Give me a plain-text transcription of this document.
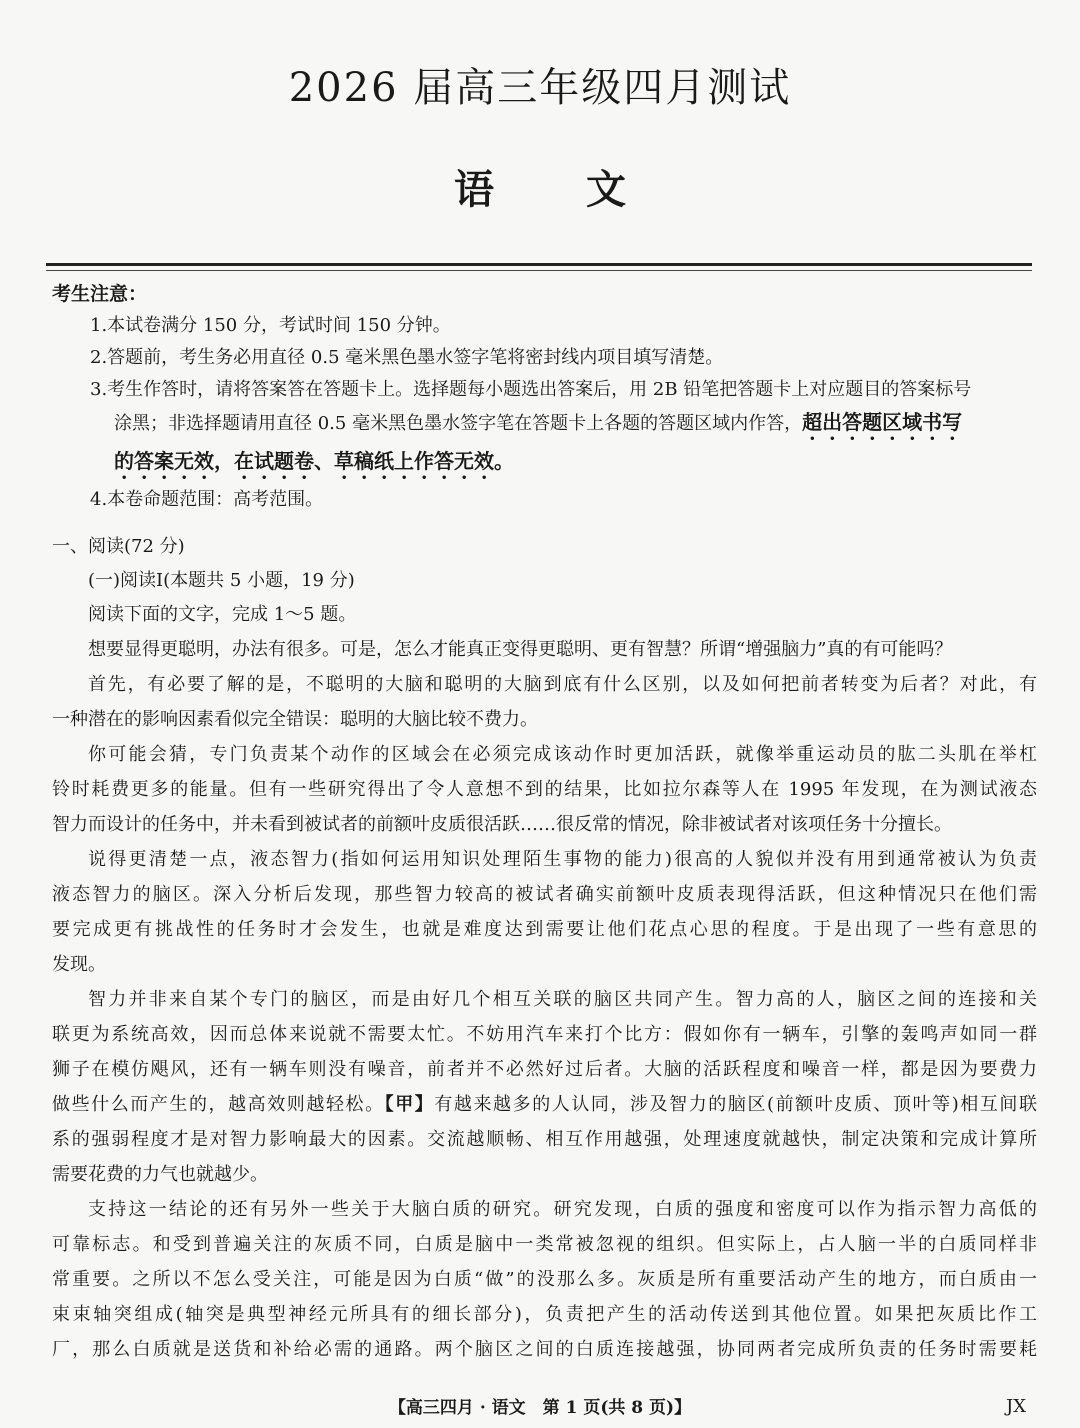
2026 届高三年级四月测试
语 文
考生注意：
1.本试卷满分 150 分，考试时间 150 分钟。
2.答题前，考生务必用直径 0.5 毫米黑色墨水签字笔将密封线内项目填写清楚。
3.考生作答时，请将答案答在答题卡上。选择题每小题选出答案后，用 2B 铅笔把答题卡上对应题目的答案标号
涂黑；非选择题请用直径 0.5 毫米黑色墨水签字笔在答题卡上各题的答题区域内作答，超出答题区域书写
的答案无效，在试题卷、草稿纸上作答无效。
4.本卷命题范围：高考范围。
一、阅读(72 分)
(一)阅读Ⅰ(本题共 5 小题，19 分)
阅读下面的文字，完成 1～5 题。
想要显得更聪明，办法有很多。可是，怎么才能真正变得更聪明、更有智慧？所谓“增强脑力”真的有可能吗？
首先，有必要了解的是，不聪明的大脑和聪明的大脑到底有什么区别，以及如何把前者转变为后者？对此，有
一种潜在的影响因素看似完全错误：聪明的大脑比较不费力。
你可能会猜，专门负责某个动作的区域会在必须完成该动作时更加活跃，就像举重运动员的肱二头肌在举杠
铃时耗费更多的能量。但有一些研究得出了令人意想不到的结果，比如拉尔森等人在 1995 年发现，在为测试液态
智力而设计的任务中，并未看到被试者的前额叶皮质很活跃……很反常的情况，除非被试者对该项任务十分擅长。
说得更清楚一点，液态智力(指如何运用知识处理陌生事物的能力)很高的人貌似并没有用到通常被认为负责
液态智力的脑区。深入分析后发现，那些智力较高的被试者确实前额叶皮质表现得活跃，但这种情况只在他们需
要完成更有挑战性的任务时才会发生，也就是难度达到需要让他们花点心思的程度。于是出现了一些有意思的
发现。
智力并非来自某个专门的脑区，而是由好几个相互关联的脑区共同产生。智力高的人，脑区之间的连接和关
联更为系统高效，因而总体来说就不需要太忙。不妨用汽车来打个比方：假如你有一辆车，引擎的轰鸣声如同一群
狮子在模仿飓风，还有一辆车则没有噪音，前者并不必然好过后者。大脑的活跃程度和噪音一样，都是因为要费力
做些什么而产生的，越高效则越轻松。【甲】有越来越多的人认同，涉及智力的脑区(前额叶皮质、顶叶等)相互间联
系的强弱程度才是对智力影响最大的因素。交流越顺畅、相互作用越强，处理速度就越快，制定决策和完成计算所
需要花费的力气也就越少。
支持这一结论的还有另外一些关于大脑白质的研究。研究发现，白质的强度和密度可以作为指示智力高低的
可靠标志。和受到普遍关注的灰质不同，白质是脑中一类常被忽视的组织。但实际上，占人脑一半的白质同样非
常重要。之所以不怎么受关注，可能是因为白质“做”的没那么多。灰质是所有重要活动产生的地方，而白质由一
束束轴突组成(轴突是典型神经元所具有的细长部分)，负责把产生的活动传送到其他位置。如果把灰质比作工
厂，那么白质就是送货和补给必需的通路。两个脑区之间的白质连接越强，协同两者完成所负责的任务时需要耗
【高三四月 · 语文　第 1 页(共 8 页)】	JX
